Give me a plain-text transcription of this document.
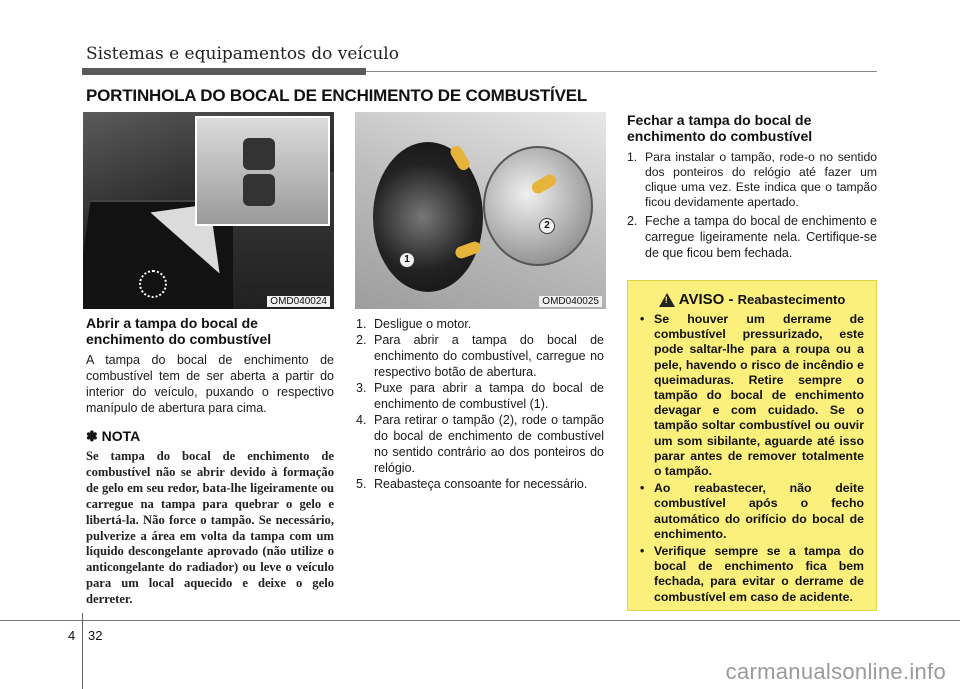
Sistemas e equipamentos do veículo
PORTINHOLA DO BOCAL DE ENCHIMENTO DE COMBUSTÍVEL
OMD040024
1
2
OMD040025
Abrir a tampa do bocal de enchimento do combustível
A tampa do bocal de enchimento de combustível tem de ser aberta a partir do interior do veículo, puxando o respectivo manípulo de abertura para cima.
✽ NOTA
Se tampa do bocal de enchimento de combustível não se abrir devido à formação de gelo em seu redor, bata-lhe ligeiramente ou carregue na tampa para quebrar o gelo e libertá-la. Não force o tampão. Se necessário, pulverize a área em volta da tampa com um líquido descongelante aprovado (não utilize o anticongelante do radiador) ou leve o veículo para um local aquecido e deixe o gelo derreter.
1. Desligue o motor.
2. Para abrir a tampa do bocal de enchimento do combustível, carregue no respectivo botão de abertura.
3. Puxe para abrir a tampa do bocal de enchimento de combustível (1).
4. Para retirar o tampão (2), rode o tampão do bocal de enchimento de combustível no sentido contrário ao dos ponteiros do relógio.
5. Reabasteça consoante for necessário.
Fechar a tampa do bocal de enchimento do combustível
1. Para instalar o tampão, rode-o no sentido dos ponteiros do relógio até fazer um clique uma vez. Este indica que o tampão ficou devidamente apertado.
2. Feche a tampa do bocal de enchimento e carregue ligeiramente nela. Certifique-se de que ficou bem fechada.
!
AVISO - Reabastecimento
• Se houver um derrame de combustível pressurizado, este pode saltar-lhe para a roupa ou a pele, havendo o risco de incêndio e queimaduras. Retire sempre o tampão do bocal de enchimento devagar e com cuidado. Se o tampão soltar combustível ou ouvir um som sibilante, aguarde até isso parar antes de remover totalmente o tampão.
• Ao reabastecer, não deite combustível após o fecho automático do orifício do bocal de enchimento.
• Verifique sempre se a tampa do bocal de enchimento fica bem fechada, para evitar o derrame de combustível em caso de acidente.
4 32
carmanualsonline.info
